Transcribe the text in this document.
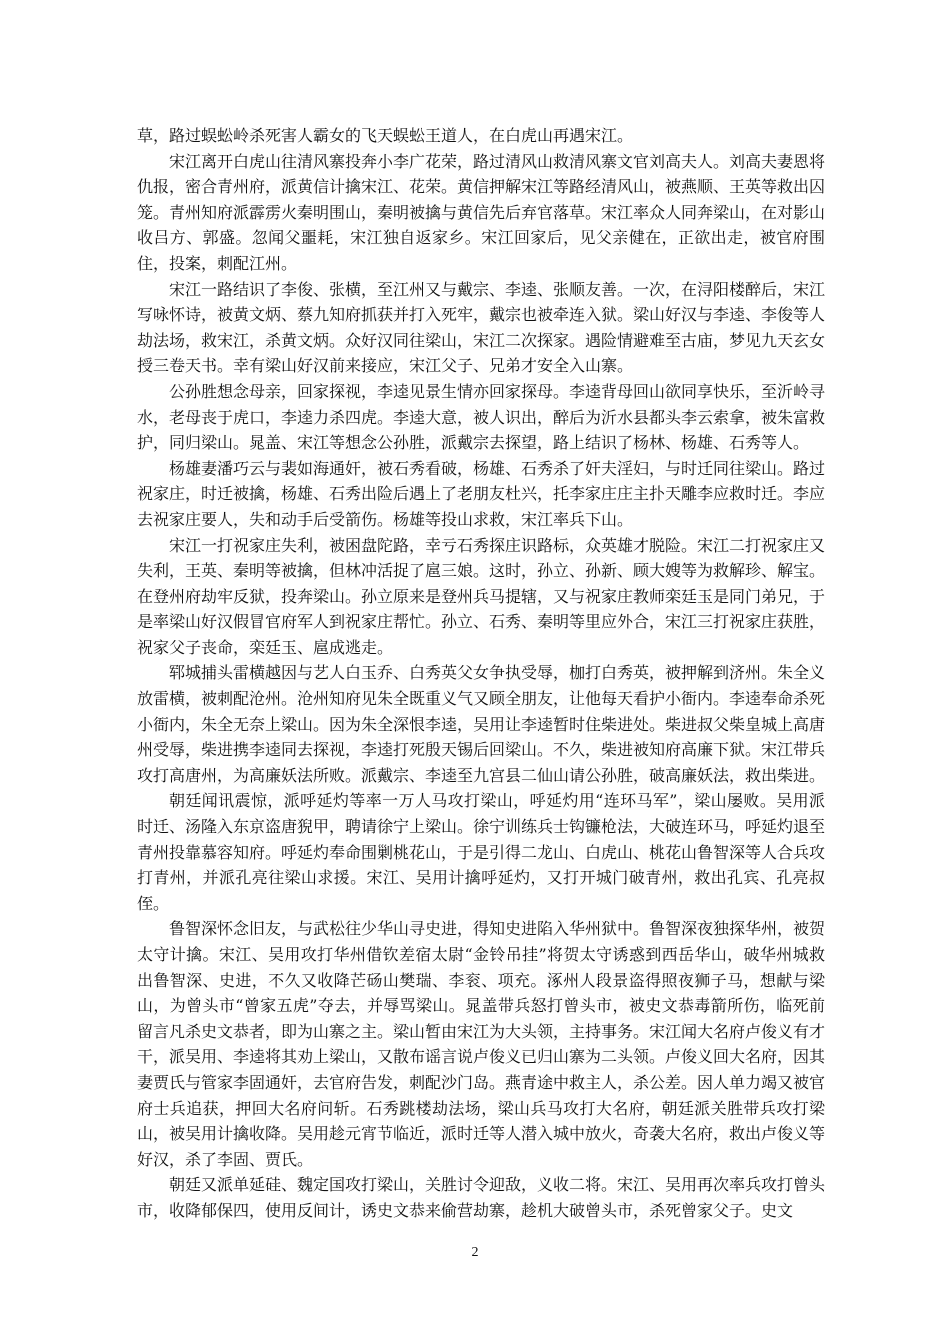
草，路过蜈蚣岭杀死害人霸女的飞天蜈蚣王道人，在白虎山再遇宋江。

宋江离开白虎山往清风寨投奔小李广花荣，路过清风山救清风寨文官刘高夫人。刘高夫妻恩将仇报，密合青州府，派黄信计擒宋江、花荣。黄信押解宋江等路经清风山，被燕顺、王英等救出囚笼。青州知府派霹雳火秦明围山，秦明被擒与黄信先后弃官落草。宋江率众人同奔梁山，在对影山收吕方、郭盛。忽闻父噩耗，宋江独自返家乡。宋江回家后，见父亲健在，正欲出走，被官府围住，投案，刺配江州。

宋江一路结识了李俊、张横，至江州又与戴宗、李逵、张顺友善。一次，在浔阳楼醉后，宋江写咏怀诗，被黄文炳、蔡九知府抓获并打入死牢，戴宗也被牵连入狱。梁山好汉与李逵、李俊等人劫法场，救宋江，杀黄文炳。众好汉同往梁山，宋江二次探家。遇险情避难至古庙，梦见九天玄女授三卷天书。幸有梁山好汉前来接应，宋江父子、兄弟才安全入山寨。

公孙胜想念母亲，回家探视，李逵见景生情亦回家探母。李逵背母回山欲同享快乐，至沂岭寻水，老母丧于虎口，李逵力杀四虎。李逵大意，被人识出，醉后为沂水县都头李云索拿，被朱富救护，同归梁山。晁盖、宋江等想念公孙胜，派戴宗去探望，路上结识了杨林、杨雄、石秀等人。

杨雄妻潘巧云与裴如海通奸，被石秀看破，杨雄、石秀杀了奸夫淫妇，与时迁同往梁山。路过祝家庄，时迁被擒，杨雄、石秀出险后遇上了老朋友杜兴，托李家庄庄主扑天雕李应救时迁。李应去祝家庄要人，失和动手后受箭伤。杨雄等投山求救，宋江率兵下山。

宋江一打祝家庄失利，被困盘陀路，幸亏石秀探庄识路标，众英雄才脱险。宋江二打祝家庄又失利，王英、秦明等被擒，但林冲活捉了扈三娘。这时，孙立、孙新、顾大嫂等为救解珍、解宝。在登州府劫牢反狱，投奔梁山。孙立原来是登州兵马提辖，又与祝家庄教师栾廷玉是同门弟兄，于是率梁山好汉假冒官府军人到祝家庄帮忙。孙立、石秀、秦明等里应外合，宋江三打祝家庄获胜，祝家父子丧命，栾廷玉、扈成逃走。

郓城捕头雷横越因与艺人白玉乔、白秀英父女争执受辱，枷打白秀英，被押解到济州。朱全义放雷横，被刺配沧州。沧州知府见朱全既重义气又顾全朋友，让他每天看护小衙内。李逵奉命杀死小衙内，朱全无奈上梁山。因为朱全深恨李逵，吴用让李逵暂时住柴进处。柴进叔父柴皇城上高唐州受辱，柴进携李逵同去探视，李逵打死殷天锡后回梁山。不久，柴进被知府高廉下狱。宋江带兵攻打高唐州，为高廉妖法所败。派戴宗、李逵至九宫县二仙山请公孙胜，破高廉妖法，救出柴进。

朝廷闻讯震惊，派呼延灼等率一万人马攻打梁山，呼延灼用“连环马军”，梁山屡败。吴用派时迁、汤隆入东京盗唐猊甲，聘请徐宁上梁山。徐宁训练兵士钩镰枪法，大破连环马，呼延灼退至青州投靠慕容知府。呼延灼奉命围剿桃花山，于是引得二龙山、白虎山、桃花山鲁智深等人合兵攻打青州，并派孔亮往梁山求援。宋江、吴用计擒呼延灼，又打开城门破青州，救出孔宾、孔亮叔侄。

鲁智深怀念旧友，与武松往少华山寻史进，得知史进陷入华州狱中。鲁智深夜独探华州，被贺太守计擒。宋江、吴用攻打华州借钦差宿太尉“金铃吊挂”将贺太守诱惑到西岳华山，破华州城救出鲁智深、史进，不久又收降芒砀山樊瑞、李衮、项充。涿州人段景盗得照夜狮子马，想献与梁山，为曾头市“曾家五虎”夺去，并辱骂梁山。晁盖带兵怒打曾头市，被史文恭毒箭所伤，临死前留言凡杀史文恭者，即为山寨之主。梁山暂由宋江为大头领，主持事务。宋江闻大名府卢俊义有才干，派吴用、李逵将其劝上梁山，又散布谣言说卢俊义已归山寨为二头领。卢俊义回大名府，因其妻贾氏与管家李固通奸，去官府告发，刺配沙门岛。燕青途中救主人，杀公差。因人单力竭又被官府士兵追获，押回大名府问斩。石秀跳楼劫法场，梁山兵马攻打大名府，朝廷派关胜带兵攻打梁山，被吴用计擒收降。吴用趁元宵节临近，派时迁等人潜入城中放火，奇袭大名府，救出卢俊义等好汉，杀了李固、贾氏。

朝廷又派单延硅、魏定国攻打梁山，关胜讨令迎敌，义收二将。宋江、吴用再次率兵攻打曾头市，收降郁保四，使用反间计，诱史文恭来偷营劫寨，趁机大破曾头市，杀死曾家父子。史文

2
